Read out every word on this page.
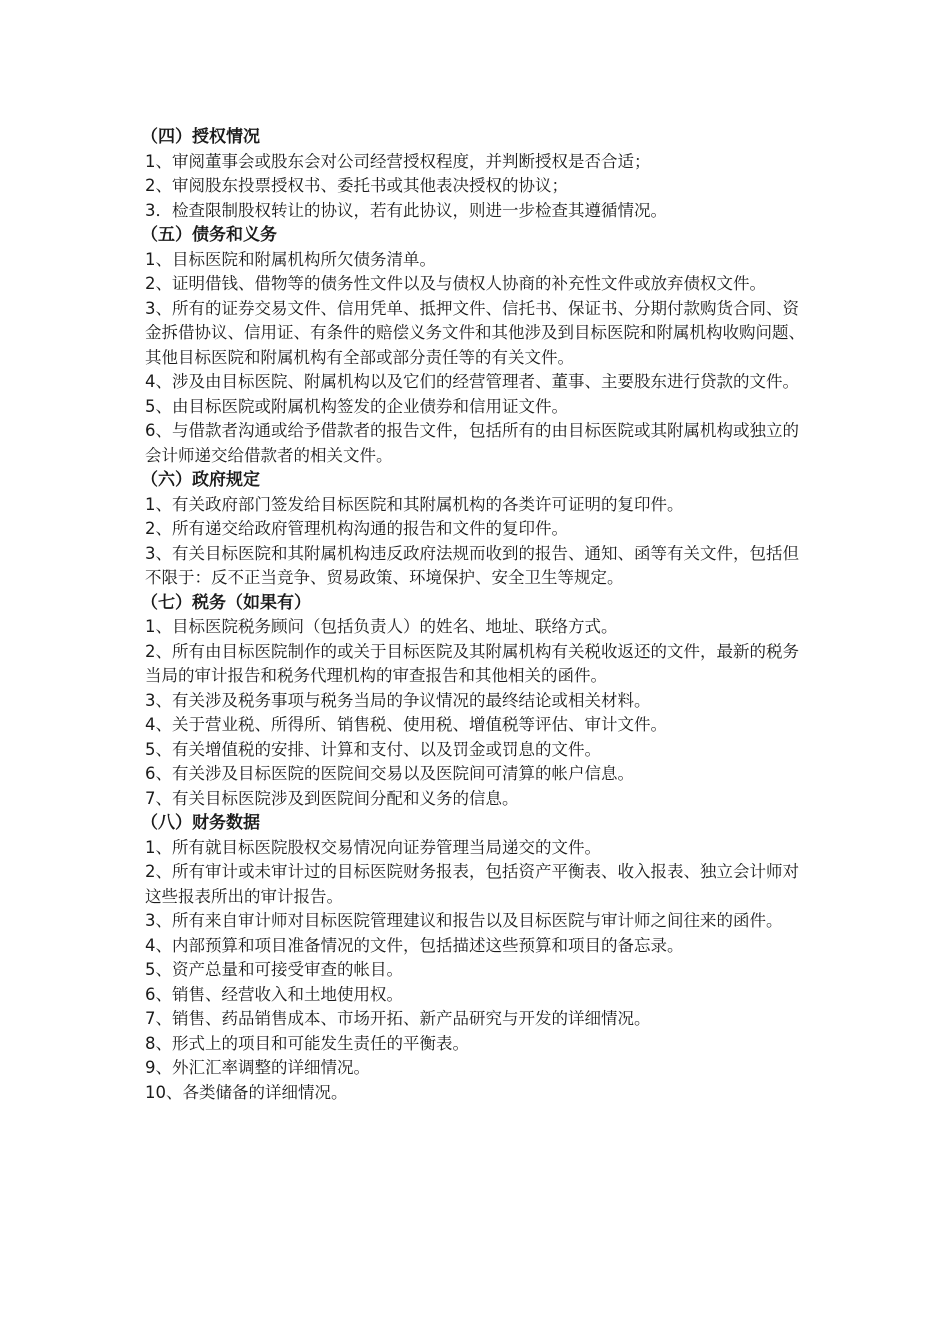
（四）授权情况
1、审阅董事会或股东会对公司经营授权程度，并判断授权是否合适；
2、审阅股东投票授权书、委托书或其他表决授权的协议；
3．检查限制股权转让的协议，若有此协议，则进一步检查其遵循情况。
（五）债务和义务
1、目标医院和附属机构所欠债务清单。
2、证明借钱、借物等的债务性文件以及与债权人协商的补充性文件或放弃债权文件。
3、所有的证券交易文件、信用凭单、抵押文件、信托书、保证书、分期付款购货合同、资金拆借协议、信用证、有条件的赔偿义务文件和其他涉及到目标医院和附属机构收购问题、其他目标医院和附属机构有全部或部分责任等的有关文件。
4、涉及由目标医院、附属机构以及它们的经营管理者、董事、主要股东进行贷款的文件。
5、由目标医院或附属机构签发的企业债券和信用证文件。
6、与借款者沟通或给予借款者的报告文件，包括所有的由目标医院或其附属机构或独立的会计师递交给借款者的相关文件。
（六）政府规定
1、有关政府部门签发给目标医院和其附属机构的各类许可证明的复印件。
2、所有递交给政府管理机构沟通的报告和文件的复印件。
3、有关目标医院和其附属机构违反政府法规而收到的报告、通知、函等有关文件，包括但不限于：反不正当竞争、贸易政策、环境保护、安全卫生等规定。
（七）税务（如果有）
1、目标医院税务顾问（包括负责人）的姓名、地址、联络方式。
2、所有由目标医院制作的或关于目标医院及其附属机构有关税收返还的文件，最新的税务当局的审计报告和税务代理机构的审查报告和其他相关的函件。
3、有关涉及税务事项与税务当局的争议情况的最终结论或相关材料。
4、关于营业税、所得所、销售税、使用税、增值税等评估、审计文件。
5、有关增值税的安排、计算和支付、以及罚金或罚息的文件。
6、有关涉及目标医院的医院间交易以及医院间可清算的帐户信息。
7、有关目标医院涉及到医院间分配和义务的信息。
（八）财务数据
1、所有就目标医院股权交易情况向证券管理当局递交的文件。
2、所有审计或未审计过的目标医院财务报表，包括资产平衡表、收入报表、独立会计师对这些报表所出的审计报告。
3、所有来自审计师对目标医院管理建议和报告以及目标医院与审计师之间往来的函件。
4、内部预算和项目准备情况的文件，包括描述这些预算和项目的备忘录。
5、资产总量和可接受审查的帐目。
6、销售、经营收入和土地使用权。
7、销售、药品销售成本、市场开拓、新产品研究与开发的详细情况。
8、形式上的项目和可能发生责任的平衡表。
9、外汇汇率调整的详细情况。
10、各类储备的详细情况。
